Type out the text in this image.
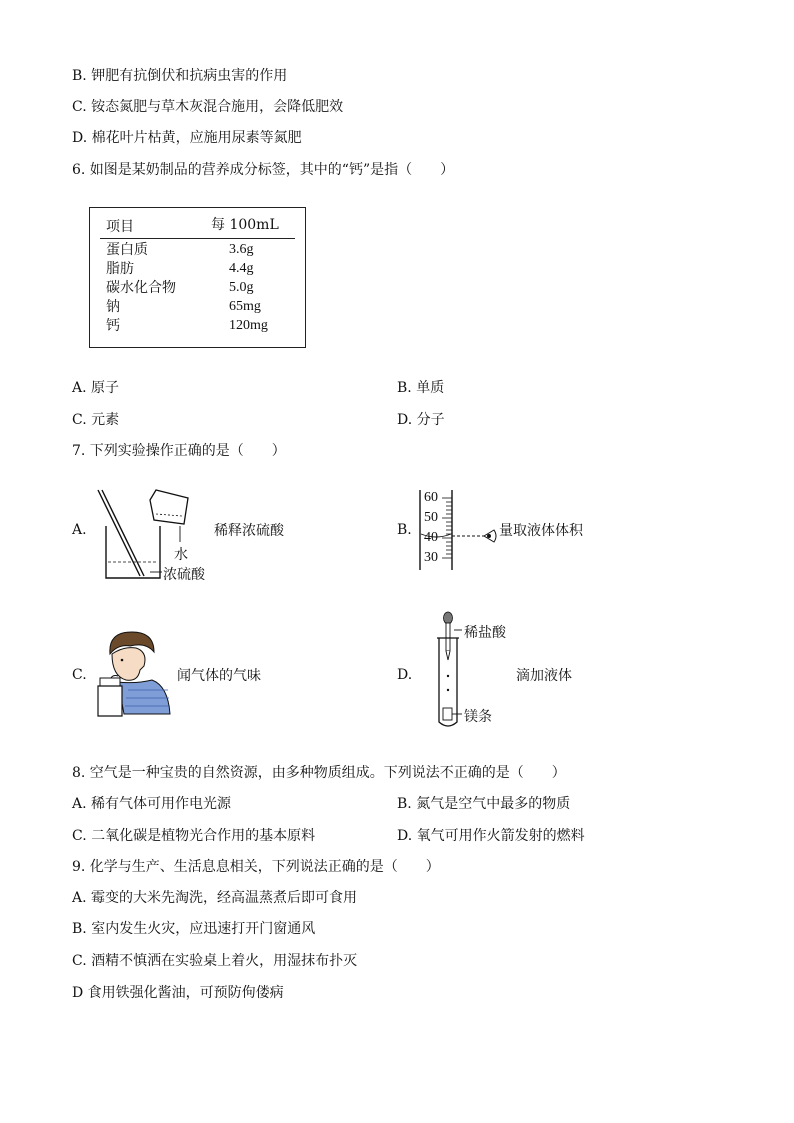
B. 钾肥有抗倒伏和抗病虫害的作用
C. 铵态氮肥与草木灰混合施用，会降低肥效
D. 棉花叶片枯黄，应施用尿素等氮肥
6. 如图是某奶制品的营养成分标签，其中的“钙”是指（　　）
项目	每 100mL
蛋白质	3.6g
脂肪	4.4g
碳水化合物	5.0g
钠	65mg
钙	120mg
A. 原子	B. 单质
C. 元素	D. 分子
7. 下列实验操作正确的是（　　）
A.	稀释浓硫酸
水
浓硫酸
B.
60
50
40
30
量取液体体积
C.	闻气体的气味	D.
稀盐酸
镁条
滴加液体
8. 空气是一种宝贵的自然资源，由多种物质组成。下列说法不正确的是（　　）
A. 稀有气体可用作电光源	B. 氮气是空气中最多的物质
C. 二氧化碳是植物光合作用的基本原料	D. 氧气可用作火箭发射的燃料
9. 化学与生产、生活息息相关，下列说法正确的是（　　）
A. 霉变的大米先淘洗，经高温蒸煮后即可食用
B. 室内发生火灾，应迅速打开门窗通风
C. 酒精不慎洒在实验桌上着火，用湿抹布扑灭
D 食用铁强化酱油，可预防佝偻病
